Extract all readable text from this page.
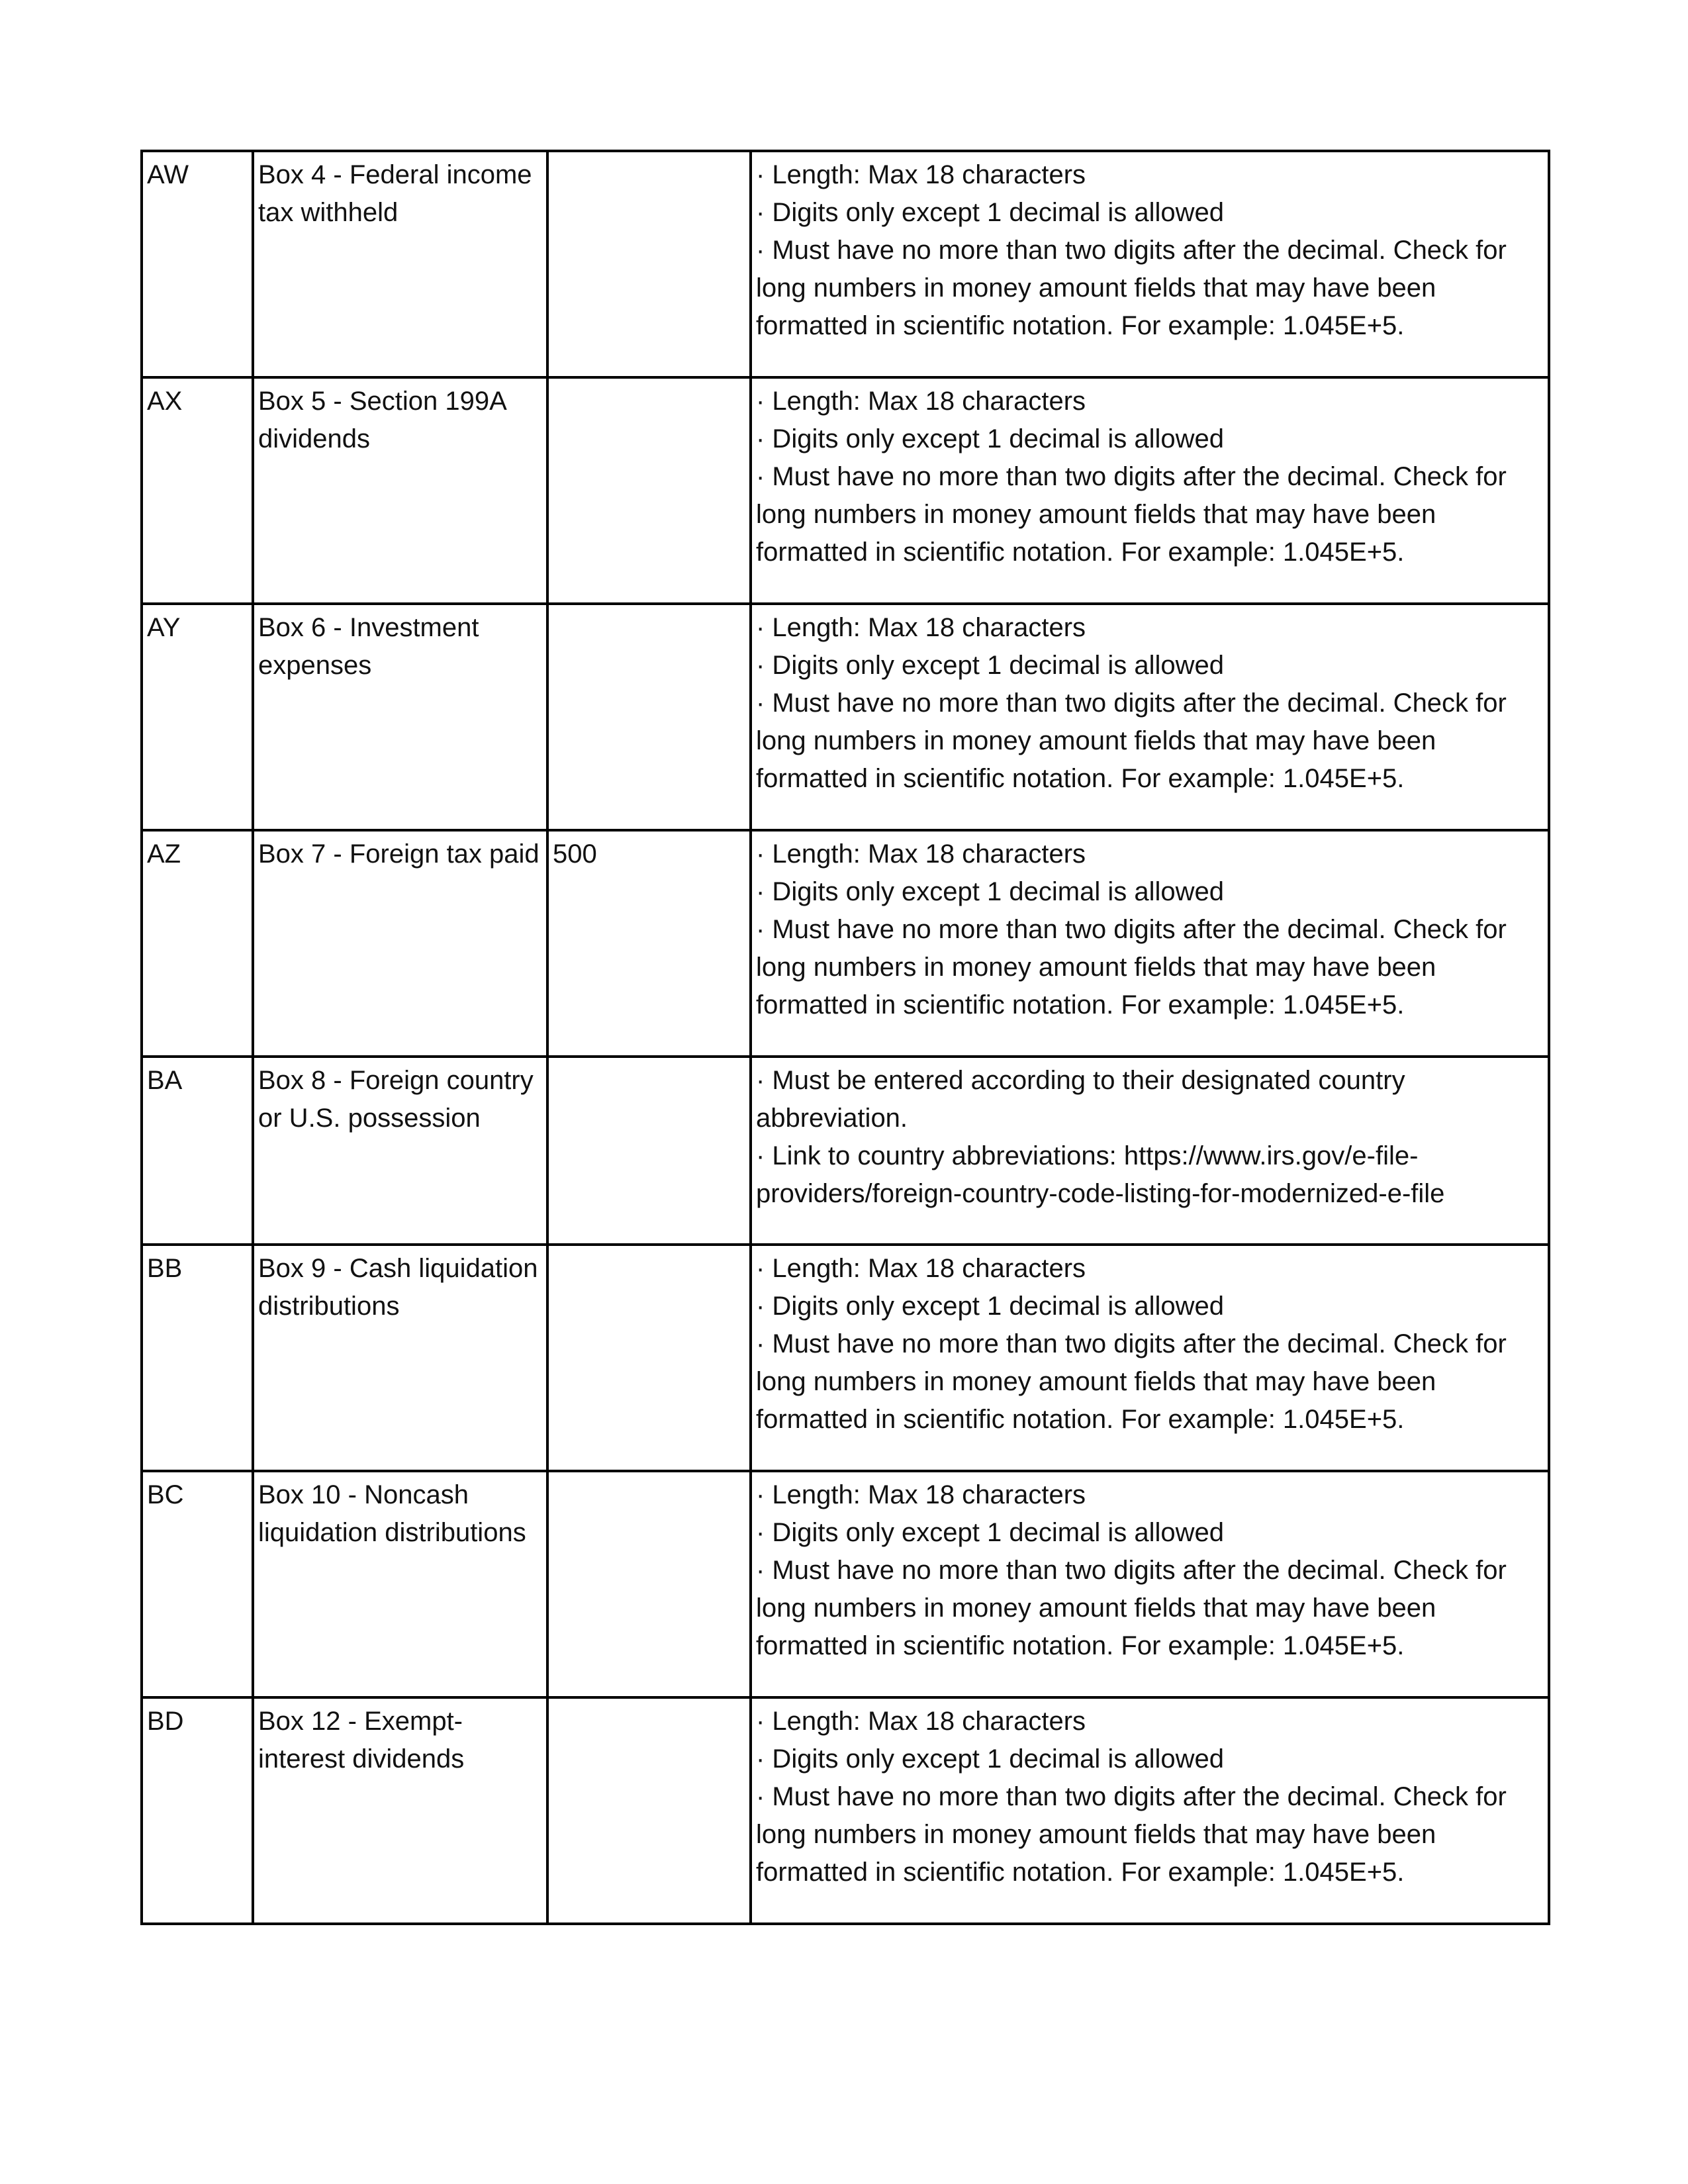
AW	Box 4 - Federal income tax withheld		· Length: Max 18 characters
· Digits only except 1 decimal is allowed
· Must have no more than two digits after the decimal. Check for long numbers in money amount fields that may have been formatted in scientific notation. For example: 1.045E+5.
AX	Box 5 - Section 199A dividends		· Length: Max 18 characters
· Digits only except 1 decimal is allowed
· Must have no more than two digits after the decimal. Check for long numbers in money amount fields that may have been formatted in scientific notation. For example: 1.045E+5.
AY	Box 6 - Investment expenses		· Length: Max 18 characters
· Digits only except 1 decimal is allowed
· Must have no more than two digits after the decimal. Check for long numbers in money amount fields that may have been formatted in scientific notation. For example: 1.045E+5.
AZ	Box 7 - Foreign tax paid	500	· Length: Max 18 characters
· Digits only except 1 decimal is allowed
· Must have no more than two digits after the decimal. Check for long numbers in money amount fields that may have been formatted in scientific notation. For example: 1.045E+5.
BA	Box 8 - Foreign country or U.S. possession		· Must be entered according to their designated country abbreviation.
· Link to country abbreviations: https://www.irs.gov/e-file-providers/foreign-country-code-listing-for-modernized-e-file
BB	Box 9 - Cash liquidation distributions		· Length: Max 18 characters
· Digits only except 1 decimal is allowed
· Must have no more than two digits after the decimal. Check for long numbers in money amount fields that may have been formatted in scientific notation. For example: 1.045E+5.
BC	Box 10 - Noncash liquidation distributions		· Length: Max 18 characters
· Digits only except 1 decimal is allowed
· Must have no more than two digits after the decimal. Check for long numbers in money amount fields that may have been formatted in scientific notation. For example: 1.045E+5.
BD	Box 12 - Exempt-interest dividends		· Length: Max 18 characters
· Digits only except 1 decimal is allowed
· Must have no more than two digits after the decimal. Check for long numbers in money amount fields that may have been formatted in scientific notation. For example: 1.045E+5.
